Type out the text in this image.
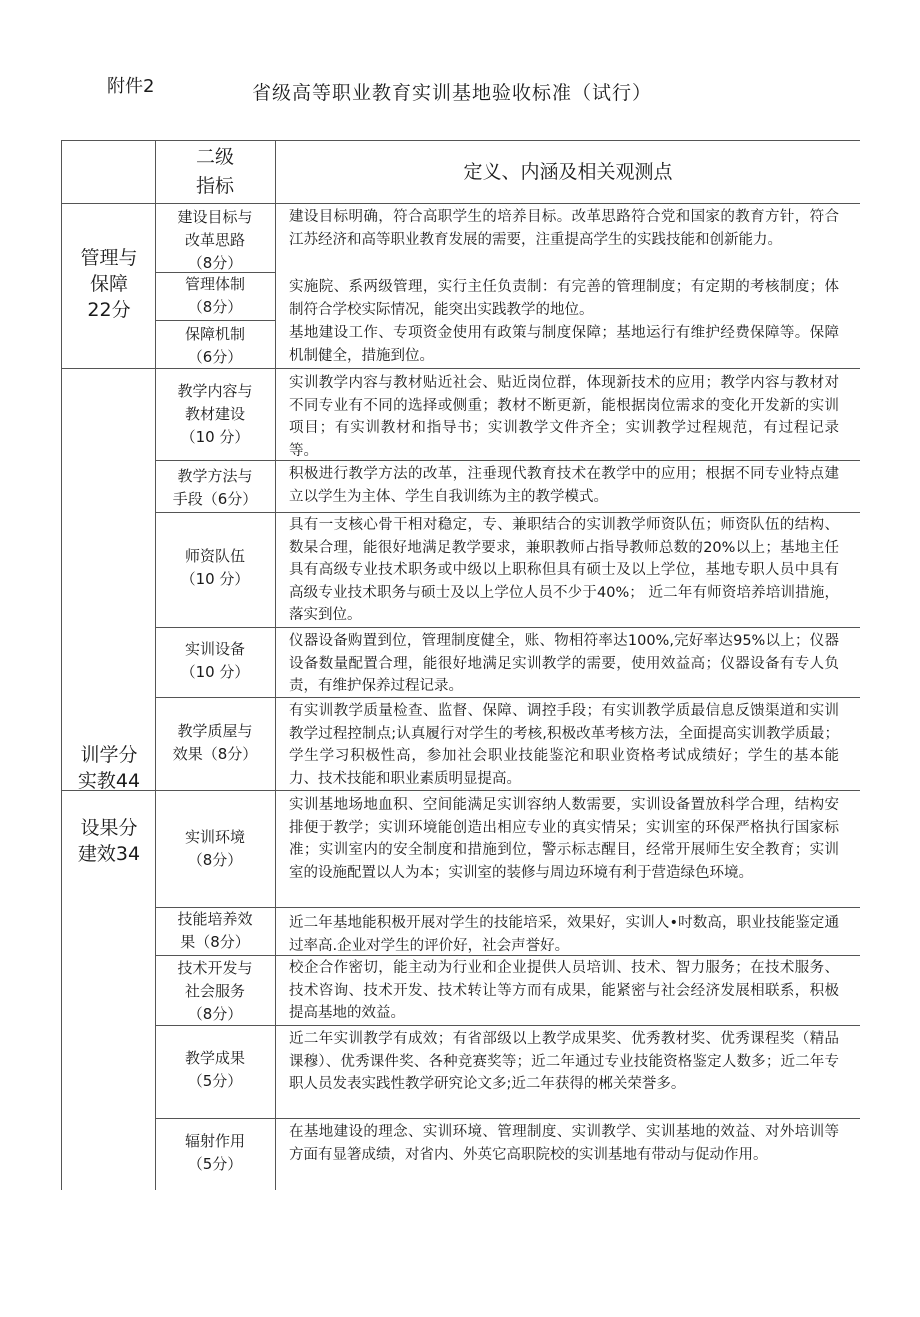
附件2	省级高等职业教育实训基地验收标准（试行）
二级
指标
定义、内涵及相关观测点
管理与
保障
22分
训学分
实教44
设果分
建效34
建设目标与
改革思路
（8分）
管理体制
（8分）
保障机制
（6分）
教学内容与
教材建设
（10 分）
教学方法与
手段（6分）
师资队伍
（10 分）
实训设备
（10 分）
教学质屋与
效果（8分）
实训环境
（8分）
技能培养效
果（8分）
技术开发与
社会服务
（8分）
教学成果
（5分）
辐射作用
（5分）
建设目标明确，符合高职学生的培养目标。改革思路符合党和国家的教育方针，符合江苏经济和高等职业教育发展的需要，注重提高学生的实践技能和创新能力。
实施院、系两级管理，实行主任负责制：有完善的管理制度；有定期的考核制度；体制符合学校实际情况，能突出实践教学的地位。
基地建设工作、专项资金使用有政策与制度保障；基地运行有维护经费保障等。保障机制健全，措施到位。
实训教学内容与教材贴近社会、贴近岗位群，体现新技术的应用；教学内容与教材对不同专业有不同的选择或侧重；教材不断更新，能根据岗位需求的变化开发新的实训项目；有实训教材和指导书；实训教学文件齐全；实训教学过程规范，有过程记录等。
积极进行教学方法的改革，注垂现代教育技术在教学中的应用；根据不同专业特点建立以学生为主体、学生自我训练为主的教学模式。
具有一支核心骨干相对稳定，专、兼职结合的实训教学师资队伍；师资队伍的结构、数杲合理，能很好地满足教学要求，兼职教师占指导教师总数的20%以上；基地主任具有高级专业技术职务或中级以上职称但具有硕士及以上学位，基地专职人员中具有高级专业技术职务与硕士及以上学位人员不少于40%； 近二年有师资培养培训措施，落实到位。
仪器设备购置到位，管理制度健全，账、物相符率达100%,完好率达95%以上；仪器设备数量配置合理，能很好地满足实训教学的需要，使用效益高；仪器设备有专人负责，有维护保养过程记录。
有实训教学质量检查、监督、保障、调控手段；有实训教学质最信息反馈渠道和实训教学过程控制点;认真履行对学生的考核,积极改革考核方法，全面提高实训教学质最；学生学习积极性高，参加社会职业技能鉴沱和职业资格考试成绩好；学生的基本能力、技术技能和职业素质明显提高。
实训基地场地血积、空间能满足实训容纳人数需要，实训设备置放科学合理，结构安排便于教学；实训环境能创造出相应专业的真实情呆；实训室的环保严格执行国家标准；实训室内的安全制度和措施到位，警示标志醒目，经常开展师生安全教育；实训室的设施配置以人为本；实训室的装修与周边环境有利于营造绿色环境。
近二年基地能积极开展对学生的技能培采，效果好，实训人•吋数高，职业技能鉴定通过率高.企业对学生的评价好，社会声誉好。
校企合作密切，能主动为行业和企业提供人员培训、技术、智力服务；在技术服务、技术咨询、技术开发、技术转让等方而有成果，能紧密与社会经济发展相联系，积极提高基地的效益。
近二年实训教学有成效；有省部级以上教学成果奖、优秀教材奖、优秀课程奖（精品课穆）、优秀课件奖、各种竞赛奖等；近二年通过专业技能资格鉴定人数多；近二年专职人员发表实践性教学研究论文多;近二年获得的郴关荣誉多。
在基地建设的理念、实训环境、管理制度、实训教学、实训基地的效益、对外培训等方面有显箸成绩，对省内、外英它高职院校的实训基地有带动与促动作用。
